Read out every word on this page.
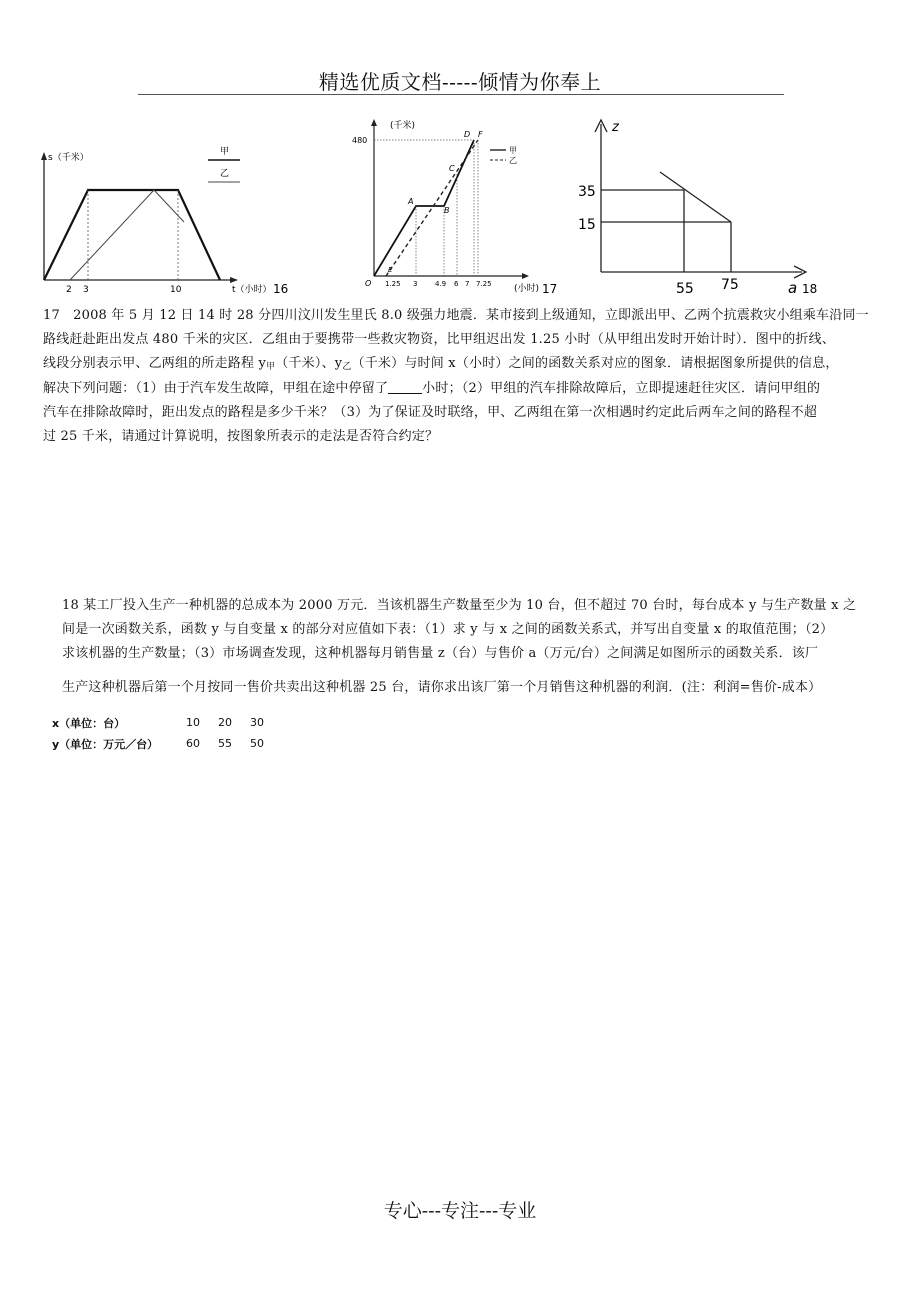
精选优质文档-----倾情为你奉上
s（千米）
2 3	10	t（小时） 16
甲
乙
(千米)
480
D F
C
A
B
E
O 1.25 3	4.9 6 7 7.25 (小时) 17
甲
乙
z
35
15
55 75	a 18
17　2008 年 5 月 12 日 14 时 28 分四川汶川发生里氏 8.0 级强力地震．某市接到上级通知，立即派出甲、乙两个抗震救灾小组乘车沿同一
路线赶赴距出发点 480 千米的灾区．乙组由于要携带一些救灾物资，比甲组迟出发 1.25 小时（从甲组出发时开始计时）．图中的折线、
线段分别表示甲、乙两组的所走路程 y甲（千米）、y乙（千米）与时间 x（小时）之间的函数关系对应的图象．请根据图象所提供的信息，
解决下列问题：（1）由于汽车发生故障，甲组在途中停留了	小时；（2）甲组的汽车排除故障后，立即提速赶往灾区．请问甲组的
汽车在排除故障时，距出发点的路程是多少千米？（3）为了保证及时联络，甲、乙两组在第一次相遇时约定此后两车之间的路程不超
过 25 千米，请通过计算说明，按图象所表示的走法是否符合约定？
18 某工厂投入生产一种机器的总成本为 2000 万元．当该机器生产数量至少为 10 台，但不超过 70 台时，每台成本 y 与生产数量 x 之
间是一次函数关系，函数 y 与自变量 x 的部分对应值如下表：（1）求 y 与 x 之间的函数关系式，并写出自变量 x 的取值范围；（2）
求该机器的生产数量；（3）市场调查发现，这种机器每月销售量 z（台）与售价 a（万元/台）之间满足如图所示的函数关系．该厂
生产这种机器后第一个月按同一售价共卖出这种机器 25 台，请你求出该厂第一个月销售这种机器的利润．(注：利润=售价-成本）
x（单位：台）	10	20	30
y（单位：万元／台）	60	55	50
专心---专注---专业
